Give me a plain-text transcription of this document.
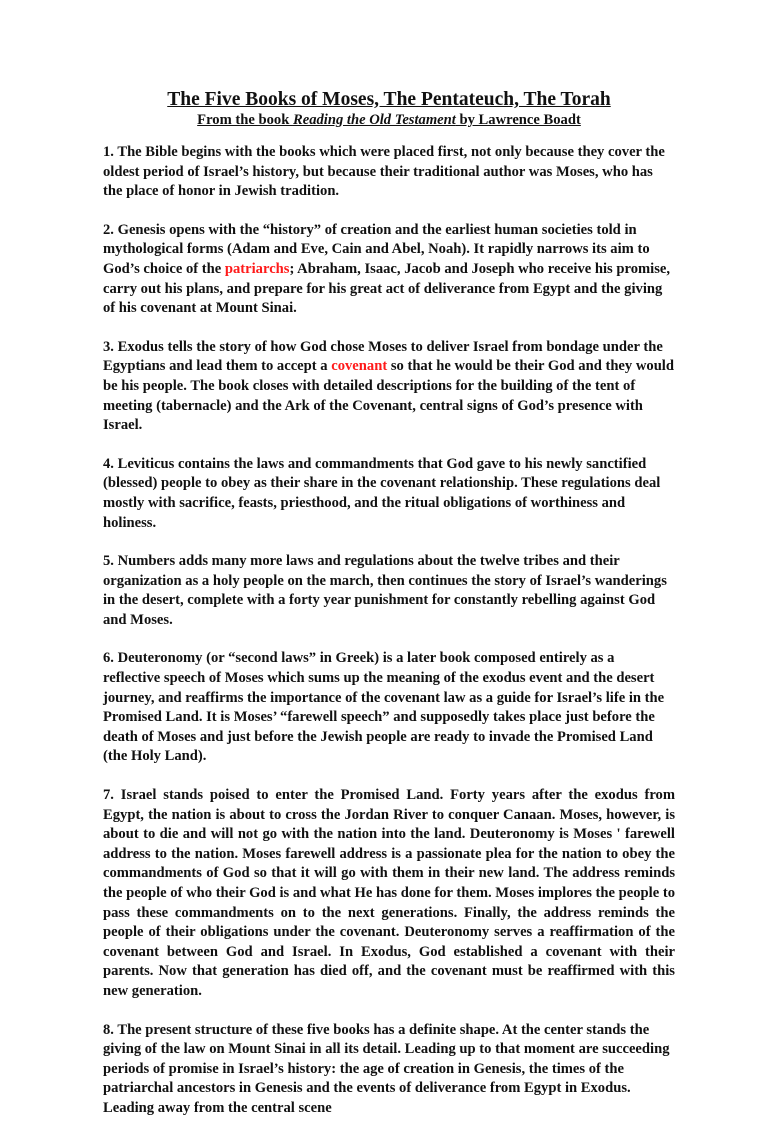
The Five Books of Moses, The Pentateuch, The Torah
From the book Reading the Old Testament by Lawrence Boadt

1. The Bible begins with the books which were placed first, not only because they cover the oldest period of Israel’s history, but because their traditional author was Moses, who has the place of honor in Jewish tradition.

2. Genesis opens with the “history” of creation and the earliest human societies told in mythological forms (Adam and Eve, Cain and Abel, Noah). It rapidly narrows its aim to God’s choice of the patriarchs; Abraham, Isaac, Jacob and Joseph who receive his promise, carry out his plans, and prepare for his great act of deliverance from Egypt and the giving of his covenant at Mount Sinai.

3. Exodus tells the story of how God chose Moses to deliver Israel from bondage under the Egyptians and lead them to accept a covenant so that he would be their God and they would be his people. The book closes with detailed descriptions for the building of the tent of meeting (tabernacle) and the Ark of the Covenant, central signs of God’s presence with Israel.

4. Leviticus contains the laws and commandments that God gave to his newly sanctified (blessed) people to obey as their share in the covenant relationship. These regulations deal mostly with sacrifice, feasts, priesthood, and the ritual obligations of worthiness and holiness.

5. Numbers adds many more laws and regulations about the twelve tribes and their organization as a holy people on the march, then continues the story of Israel’s wanderings in the desert, complete with a forty year punishment for constantly rebelling against God and Moses.

6. Deuteronomy (or “second laws” in Greek) is a later book composed entirely as a reflective speech of Moses which sums up the meaning of the exodus event and the desert journey, and reaffirms the importance of the covenant law as a guide for Israel’s life in the Promised Land. It is Moses’ “farewell speech” and supposedly takes place just before the death of Moses and just before the Jewish people are ready to invade the Promised Land (the Holy Land).

7. Israel stands poised to enter the Promised Land. Forty years after the exodus from Egypt, the nation is about to cross the Jordan River to conquer Canaan. Moses, however, is about to die and will not go with the nation into the land. Deuteronomy is Moses ' farewell address to the nation. Moses farewell address is a passionate plea for the nation to obey the commandments of God so that it will go with them in their new land. The address reminds the people of who their God is and what He has done for them. Moses implores the people to pass these commandments on to the next generations. Finally, the address reminds the people of their obligations under the covenant. Deuteronomy serves a reaffirmation of the covenant between God and Israel. In Exodus, God established a covenant with their parents. Now that generation has died off, and the covenant must be reaffirmed with this new generation.

8. The present structure of these five books has a definite shape. At the center stands the giving of the law on Mount Sinai in all its detail. Leading up to that moment are succeeding periods of promise in Israel’s history: the age of creation in Genesis, the times of the patriarchal ancestors in Genesis and the events of deliverance from Egypt in Exodus. Leading away from the central scene
